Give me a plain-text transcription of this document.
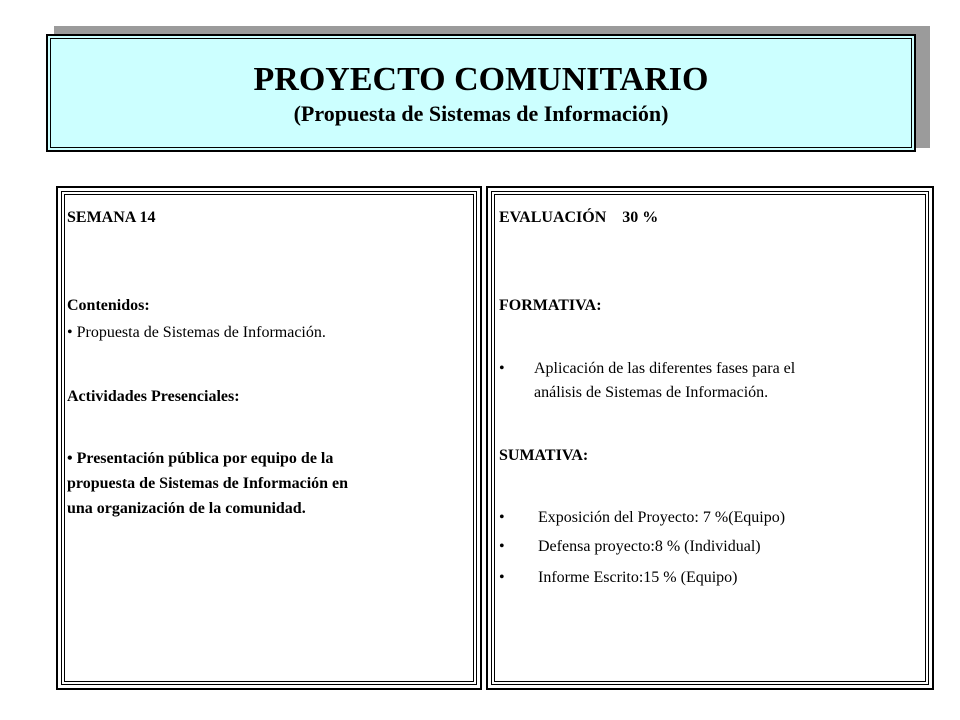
PROYECTO COMUNITARIO
(Propuesta de Sistemas de Información)
SEMANA 14
Contenidos:
• Propuesta de Sistemas de Información.
Actividades Presenciales:
• Presentación pública por equipo de la
propuesta de Sistemas de Información en
una organización de la comunidad.
EVALUACIÓN    30 %
FORMATIVA:
• Aplicación de las diferentes fases para el
análisis de Sistemas de Información.
SUMATIVA:
• Exposición del Proyecto: 7 %(Equipo)
• Defensa proyecto:8 % (Individual)
• Informe Escrito:15 % (Equipo)
